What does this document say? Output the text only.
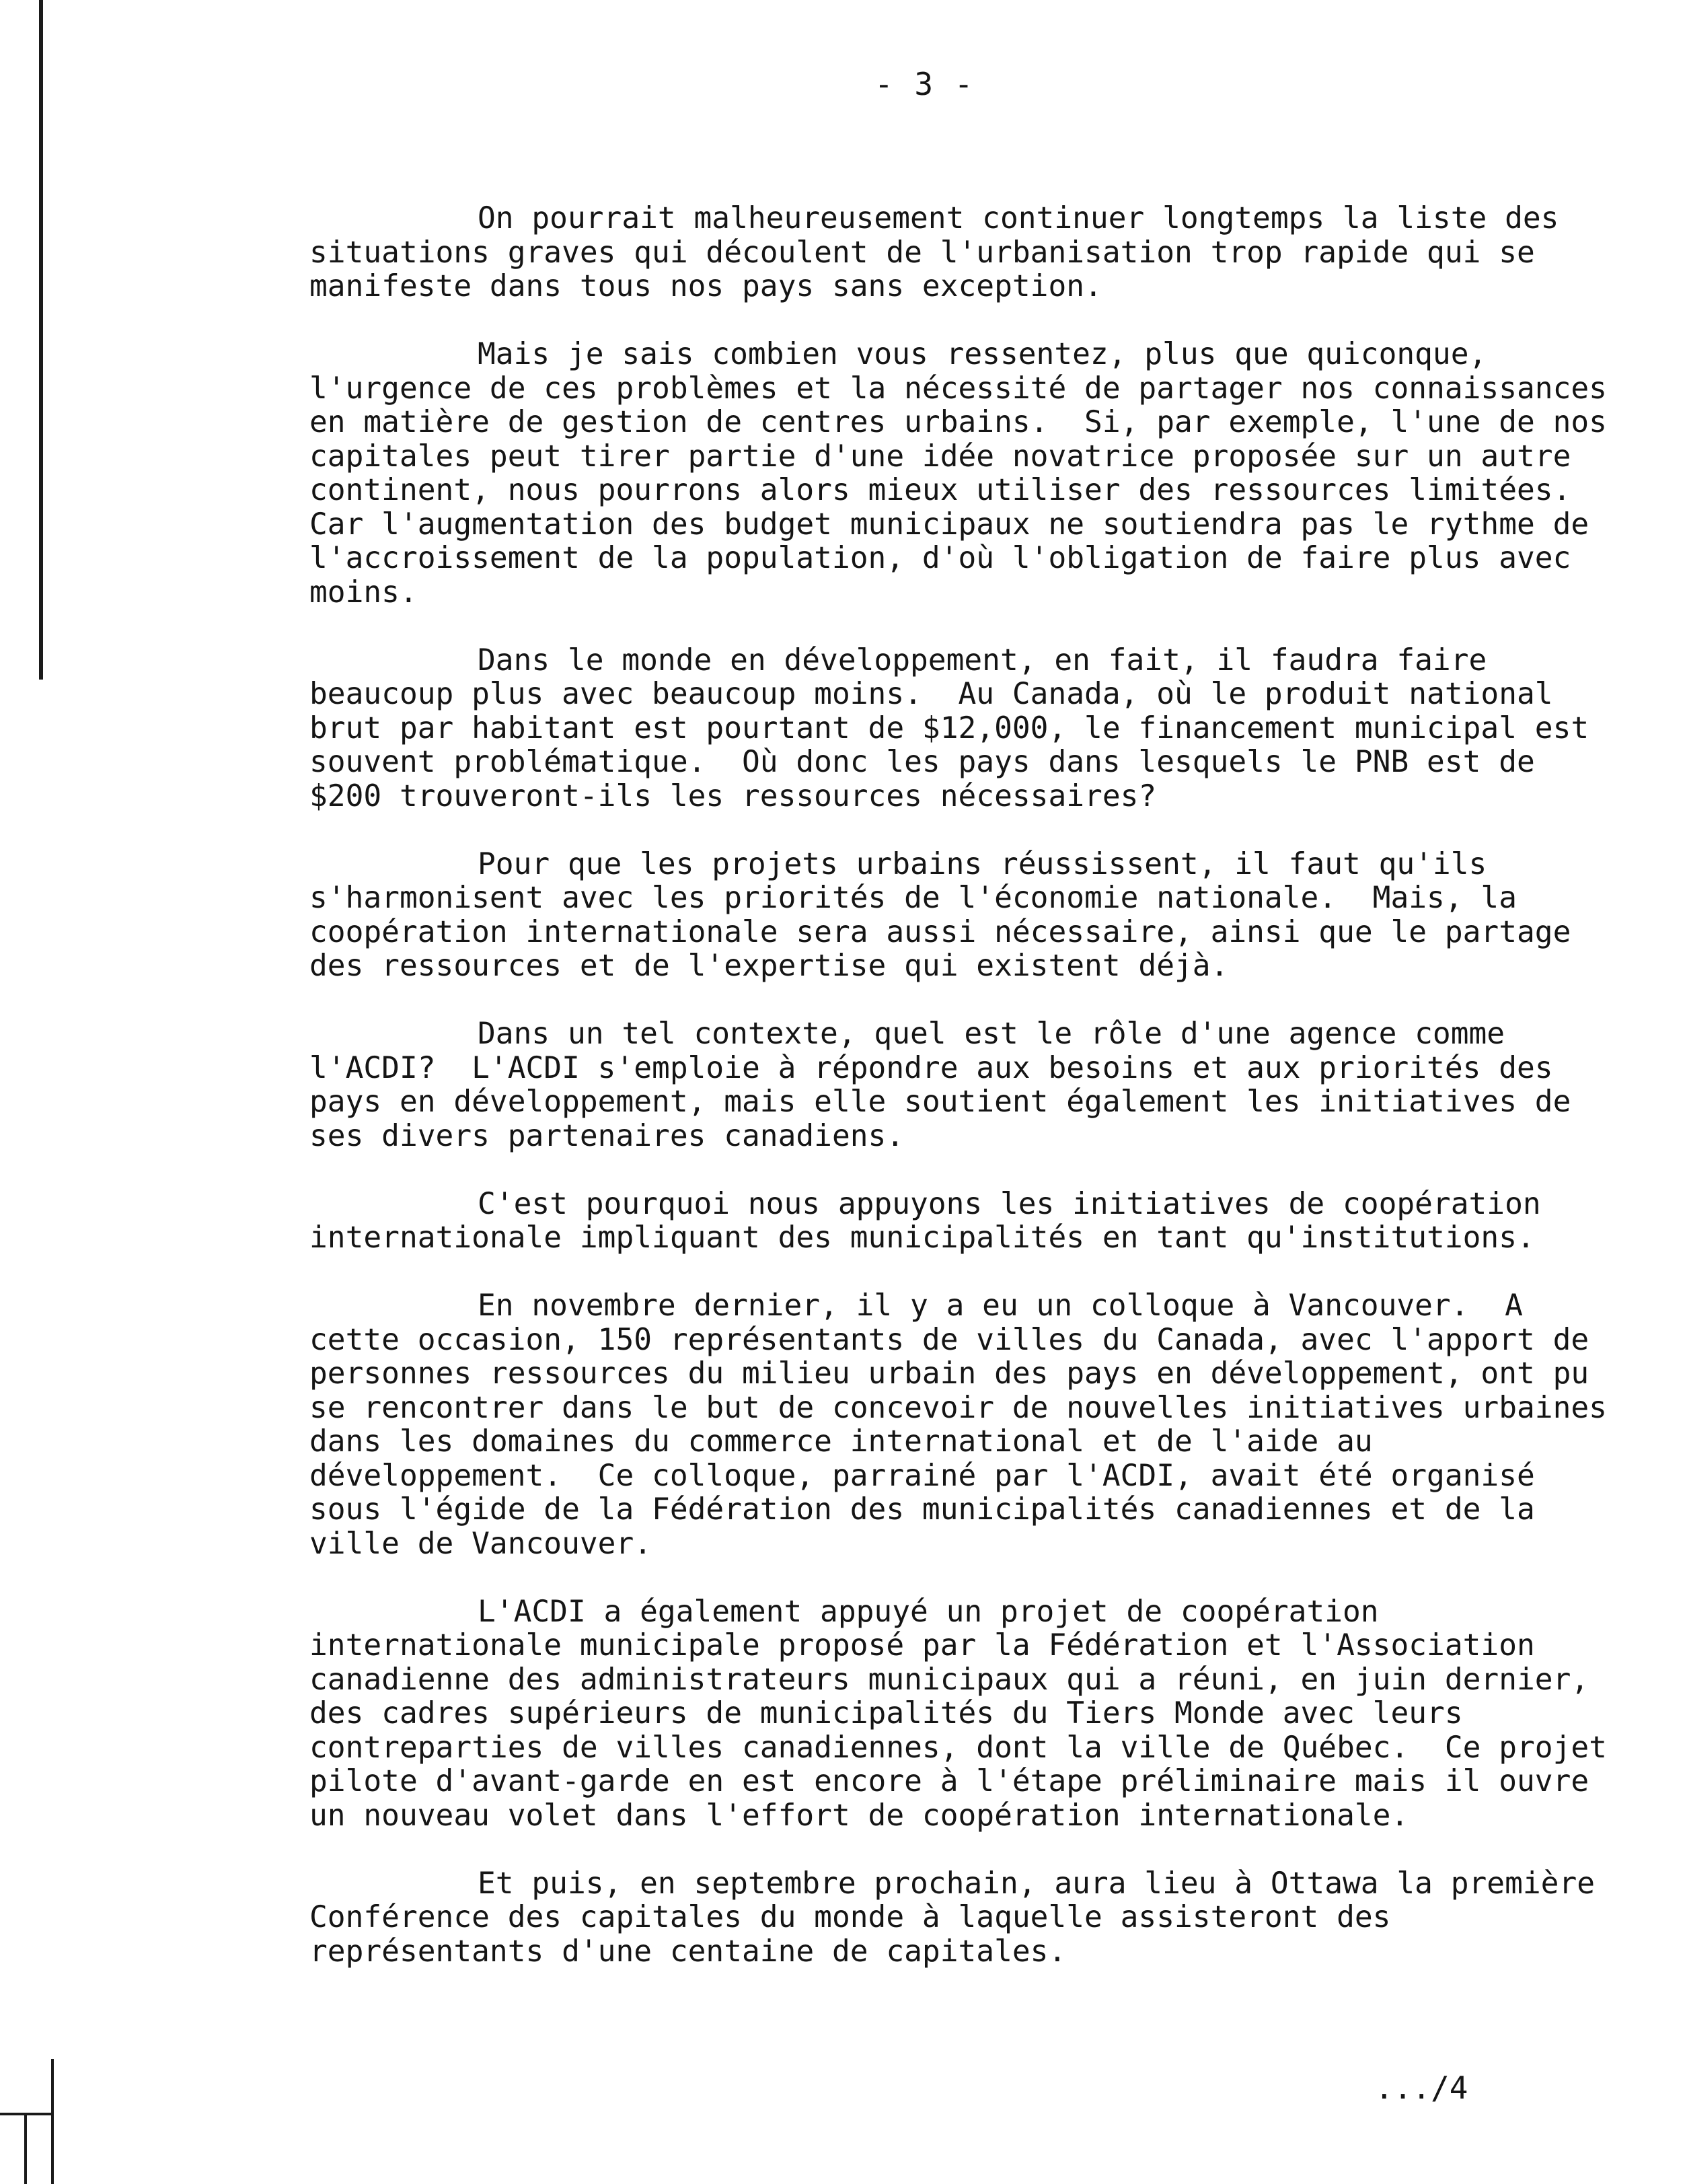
- 3 -
On pourrait malheureusement continuer longtemps la liste des
situations graves qui découlent de l'urbanisation trop rapide qui se
manifeste dans tous nos pays sans exception.
Mais je sais combien vous ressentez, plus que quiconque,
l'urgence de ces problèmes et la nécessité de partager nos connaissances
en matière de gestion de centres urbains.  Si, par exemple, l'une de nos
capitales peut tirer partie d'une idée novatrice proposée sur un autre
continent, nous pourrons alors mieux utiliser des ressources limitées.
Car l'augmentation des budget municipaux ne soutiendra pas le rythme de
l'accroissement de la population, d'où l'obligation de faire plus avec
moins.
Dans le monde en développement, en fait, il faudra faire
beaucoup plus avec beaucoup moins.  Au Canada, où le produit national
brut par habitant est pourtant de $12,000, le financement municipal est
souvent problématique.  Où donc les pays dans lesquels le PNB est de
$200 trouveront-ils les ressources nécessaires?
Pour que les projets urbains réussissent, il faut qu'ils
s'harmonisent avec les priorités de l'économie nationale.  Mais, la
coopération internationale sera aussi nécessaire, ainsi que le partage
des ressources et de l'expertise qui existent déjà.
Dans un tel contexte, quel est le rôle d'une agence comme
l'ACDI?  L'ACDI s'emploie à répondre aux besoins et aux priorités des
pays en développement, mais elle soutient également les initiatives de
ses divers partenaires canadiens.
C'est pourquoi nous appuyons les initiatives de coopération
internationale impliquant des municipalités en tant qu'institutions.
En novembre dernier, il y a eu un colloque à Vancouver.  A
cette occasion, 150 représentants de villes du Canada, avec l'apport de
personnes ressources du milieu urbain des pays en développement, ont pu
se rencontrer dans le but de concevoir de nouvelles initiatives urbaines
dans les domaines du commerce international et de l'aide au
développement.  Ce colloque, parrainé par l'ACDI, avait été organisé
sous l'égide de la Fédération des municipalités canadiennes et de la
ville de Vancouver.
L'ACDI a également appuyé un projet de coopération
internationale municipale proposé par la Fédération et l'Association
canadienne des administrateurs municipaux qui a réuni, en juin dernier,
des cadres supérieurs de municipalités du Tiers Monde avec leurs
contreparties de villes canadiennes, dont la ville de Québec.  Ce projet
pilote d'avant-garde en est encore à l'étape préliminaire mais il ouvre
un nouveau volet dans l'effort de coopération internationale.
Et puis, en septembre prochain, aura lieu à Ottawa la première
Conférence des capitales du monde à laquelle assisteront des
représentants d'une centaine de capitales.
.../4
